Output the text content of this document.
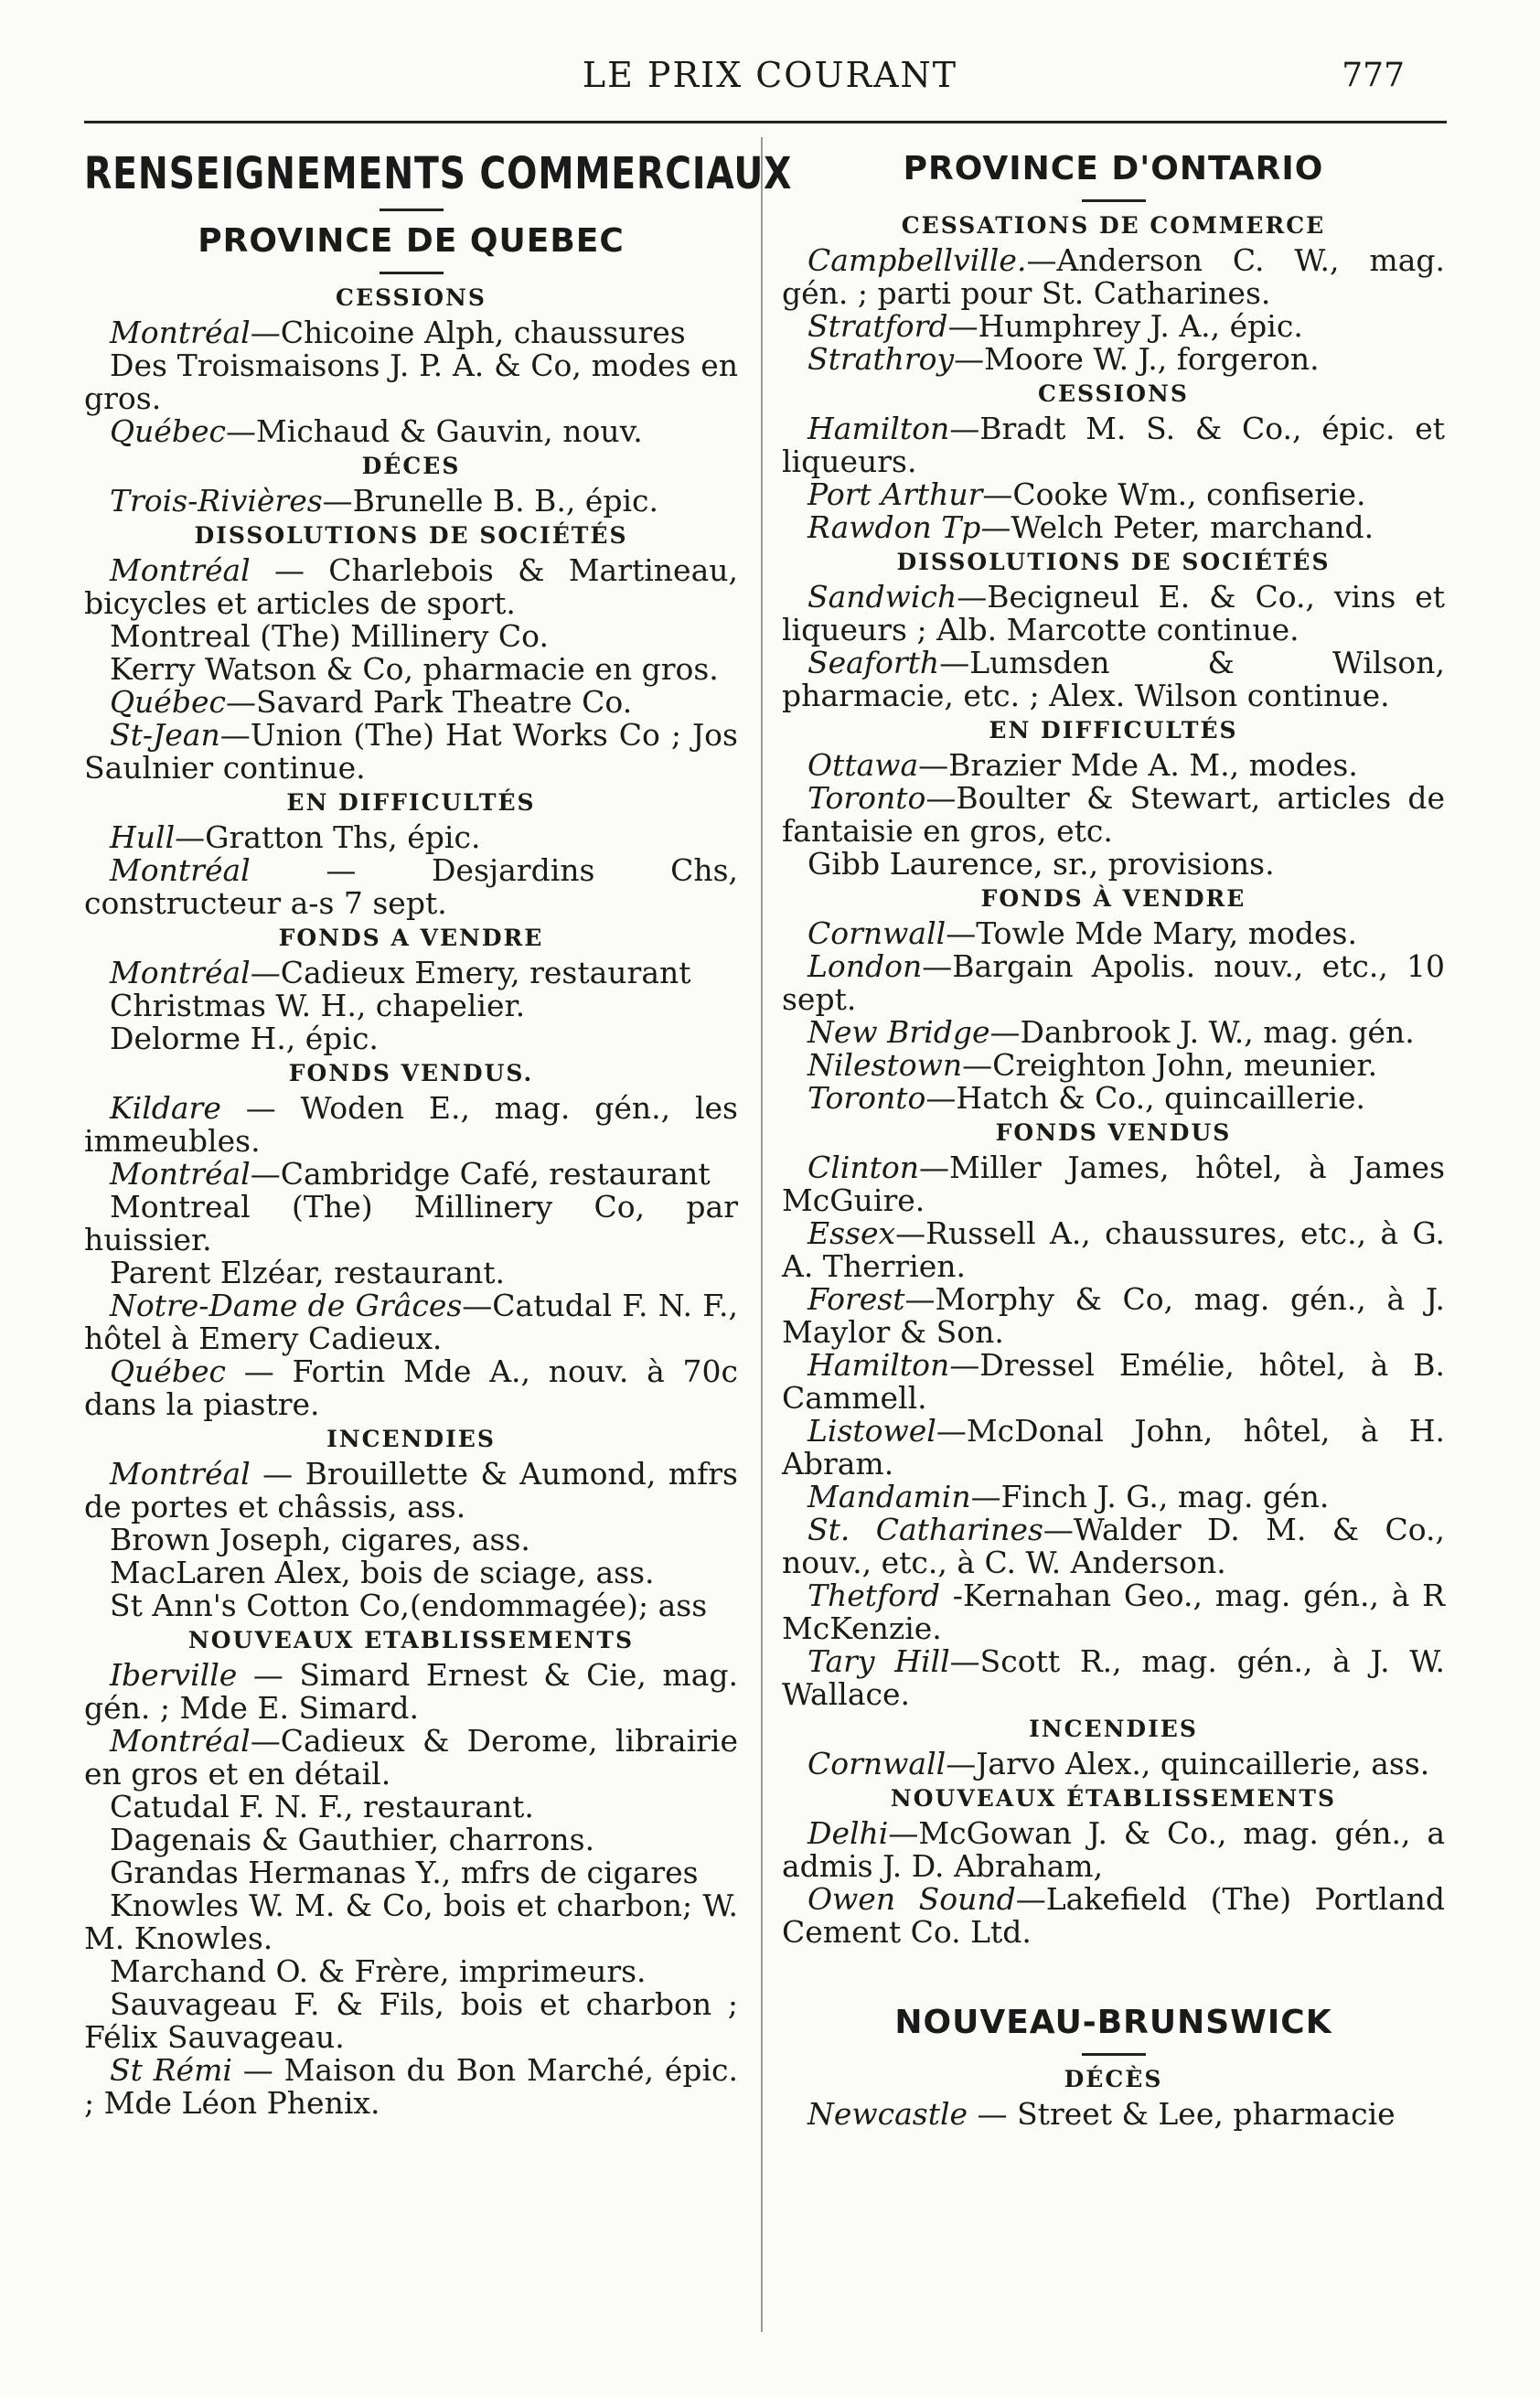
LE PRIX COURANT	777
RENSEIGNEMENTS COMMERCIAUX
PROVINCE DE QUEBEC
CESSIONS

Montréal—Chicoine Alph, chaussures

Des Troismaisons J. P. A. & Co, modes en gros.

Québec—Michaud & Gauvin, nouv.

DÉCES

Trois-Rivières—Brunelle B. B., épic.

DISSOLUTIONS DE SOCIÉTÉS

Montréal — Charlebois & Martineau, bicycles et articles de sport.

Montreal (The) Millinery Co.

Kerry Watson & Co, pharmacie en gros.

Québec—Savard Park Theatre Co.

St-Jean—Union (The) Hat Works Co ; Jos Saulnier continue.

EN DIFFICULTÉS

Hull—Gratton Ths, épic.

Montréal — Desjardins Chs, constructeur a-s 7 sept.

FONDS A VENDRE

Montréal—Cadieux Emery, restaurant

Christmas W. H., chapelier.

Delorme H., épic.

FONDS VENDUS.

Kildare — Woden E., mag. gén., les immeubles.

Montréal—Cambridge Café, restaurant

Montreal (The) Millinery Co, par huissier.

Parent Elzéar, restaurant.

Notre-Dame de Grâces—Catudal F. N. F., hôtel à Emery Cadieux.

Québec — Fortin Mde A., nouv. à 70c dans la piastre.

INCENDIES

Montréal — Brouillette & Aumond, mfrs de portes et châssis, ass.

Brown Joseph, cigares, ass.

MacLaren Alex, bois de sciage, ass.

St Ann's Cotton Co,(endommagée); ass

NOUVEAUX ETABLISSEMENTS

Iberville — Simard Ernest & Cie, mag. gén. ; Mde E. Simard.

Montréal—Cadieux & Derome, librairie en gros et en détail.

Catudal F. N. F., restaurant.

Dagenais & Gauthier, charrons.

Grandas Hermanas Y., mfrs de cigares

Knowles W. M. & Co, bois et charbon; W. M. Knowles.

Marchand O. & Frère, imprimeurs.

Sauvageau F. & Fils, bois et charbon ; Félix Sauvageau.

St Rémi — Maison du Bon Marché, épic. ; Mde Léon Phenix.

PROVINCE D'ONTARIO
CESSATIONS DE COMMERCE

Campbellville.—Anderson C. W., mag. gén. ; parti pour St. Catharines.

Stratford—Humphrey J. A., épic.

Strathroy—Moore W. J., forgeron.

CESSIONS

Hamilton—Bradt M. S. & Co., épic. et liqueurs.

Port Arthur—Cooke Wm., confiserie.

Rawdon Tp—Welch Peter, marchand.

DISSOLUTIONS DE SOCIÉTÉS

Sandwich—Becigneul E. & Co., vins et liqueurs ; Alb. Marcotte continue.

Seaforth—Lumsden & Wilson, pharmacie, etc. ; Alex. Wilson continue.

EN DIFFICULTÉS

Ottawa—Brazier Mde A. M., modes.

Toronto—Boulter & Stewart, articles de fantaisie en gros, etc.

Gibb Laurence, sr., provisions.

FONDS À VENDRE

Cornwall—Towle Mde Mary, modes.

London—Bargain Apolis. nouv., etc., 10 sept.

New Bridge—Danbrook J. W., mag. gén.

Nilestown—Creighton John, meunier.

Toronto—Hatch & Co., quincaillerie.

FONDS VENDUS

Clinton—Miller James, hôtel, à James McGuire.

Essex—Russell A., chaussures, etc., à G. A. Therrien.

Forest—Morphy & Co, mag. gén., à J. Maylor & Son.

Hamilton—Dressel Emélie, hôtel, à B. Cammell.

Listowel—McDonal John, hôtel, à H. Abram.

Mandamin—Finch J. G., mag. gén.

St. Catharines—Walder D. M. & Co., nouv., etc., à C. W. Anderson.

Thetford -Kernahan Geo., mag. gén., à R McKenzie.

Tary Hill—Scott R., mag. gén., à J. W. Wallace.

INCENDIES

Cornwall—Jarvo Alex., quincaillerie, ass.

NOUVEAUX ÉTABLISSEMENTS

Delhi—McGowan J. & Co., mag. gén., a admis J. D. Abraham,

Owen Sound—Lakefield (The) Portland Cement Co. Ltd.

NOUVEAU-BRUNSWICK
DÉCÈS

Newcastle — Street & Lee, pharmacie
